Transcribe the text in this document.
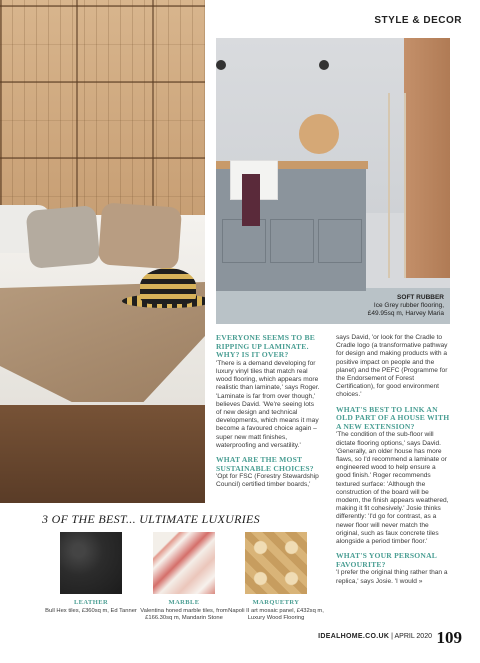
STYLE & DECOR
SOFT RUBBER
Ice Grey rubber flooring, £49.95sq m, Harvey Maria

EVERYONE SEEMS TO BE RIPPING UP LAMINATE. WHY? IS IT OVER?

'There is a demand developing for luxury vinyl tiles that match real wood flooring, which appears more realistic than laminate,' says Roger. 'Laminate is far from over though,' believes David. 'We're seeing lots of new design and technical developments, which means it may become a favoured choice again – super new matt finishes, waterproofing and versatility.'

WHAT ARE THE MOST SUSTAINABLE CHOICES?

'Opt for FSC (Forestry Stewardship Council) certified timber boards,'

says David, 'or look for the Cradle to Cradle logo (a transformative pathway for design and making products with a positive impact on people and the planet) and the PEFC (Programme for the Endorsement of Forest Certification), for good environment choices.'

WHAT'S BEST TO LINK AN OLD PART OF A HOUSE WITH A NEW EXTENSION?

'The condition of the sub-floor will dictate flooring options,' says David. 'Generally, an older house has more flaws, so I'd recommend a laminate or engineered wood to help ensure a good finish.' Roger recommends textured surface: 'Although the construction of the board will be modern, the finish appears weathered, making it fit cohesively.' Josie thinks differently: 'I'd go for contrast, as a newer floor will never match the original, such as faux concrete tiles alongside a period timber floor.'

WHAT'S YOUR PERSONAL FAVOURITE?

'I prefer the original thing rather than a replica,' says Josie. 'I would »

3 OF THE BEST... ULTIMATE LUXURIES
LEATHER
Bull Hex tiles, £360sq m, Ed Tanner
MARBLE
Valentina honed marble tiles, from £166.30sq m, Mandarin Stone
MARQUETRY
Napoli II art mosaic panel, £432sq m, Luxury Wood Flooring
IDEALHOME.CO.UK | APRIL 2020 109
